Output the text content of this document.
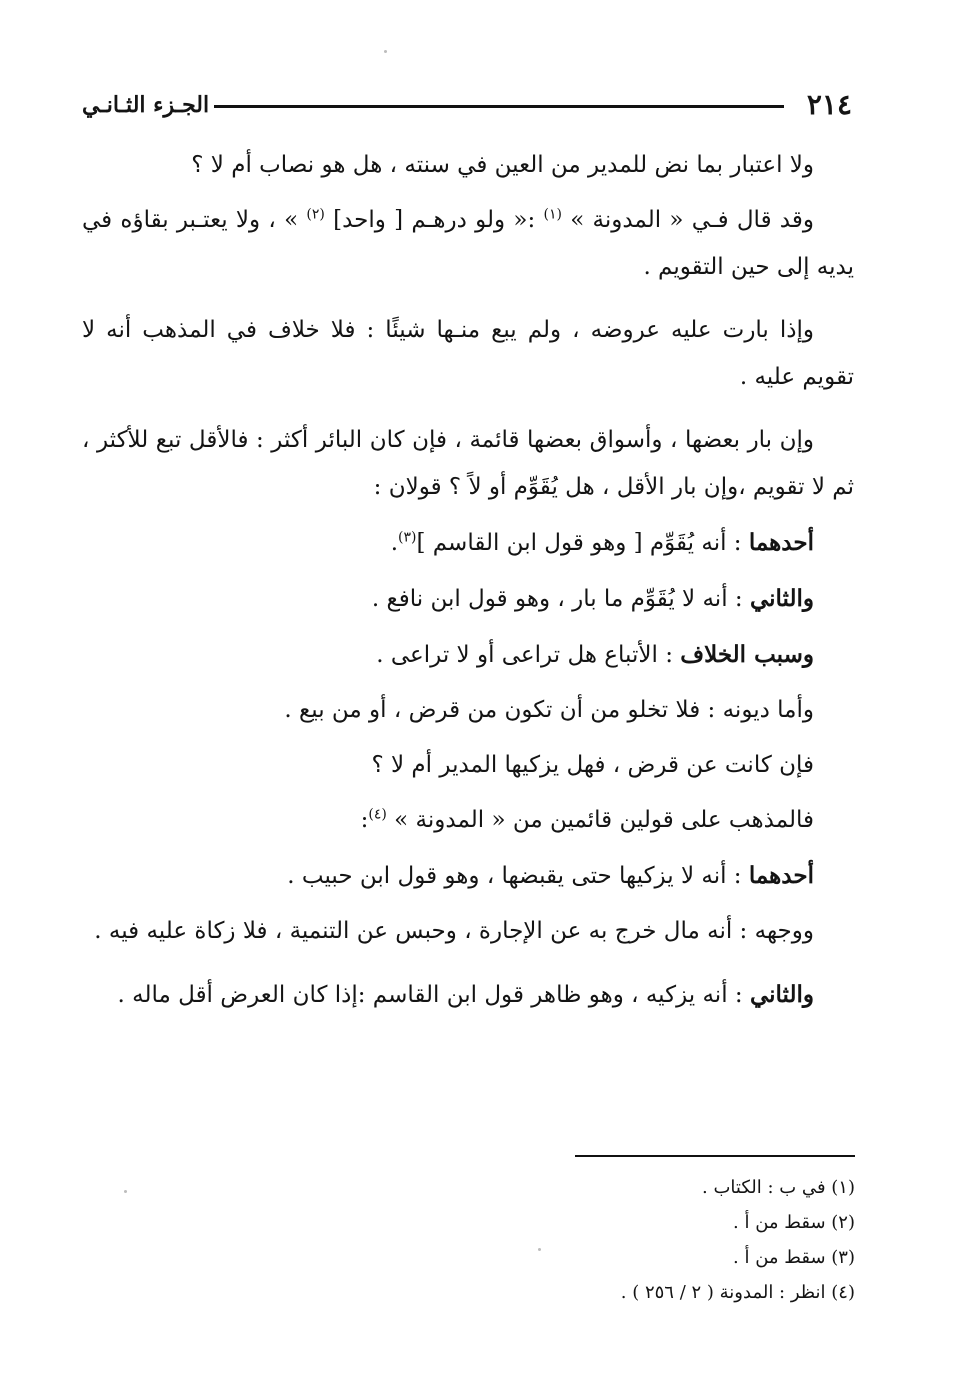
٢١٤
الجـزء الثـانـي

ولا اعتبار بما نض للمدير من العين في سنته ، هل هو نصاب أم لا ؟

وقد قال فـي « المدونة » $^{(١)}$ :« ولو درهـم [ واحد] $^{(٢)}$ » ، ولا يعتـبر بقاؤه في يديه إلى حين التقويم .

وإذا بارت عليه عروضه ، ولم يبع منـها شيئًا : فلا خلاف في المذهب أنه لا تقويم عليه .

وإن بار بعضها ، وأسواق بعضها قائمة ، فإن كان البائر أكثر : فالأقل تبع للأكثر ، ثم لا تقويم ،وإن بار الأقل ، هل يُقَوِّم أو لاً ؟ قولان :

أحدهما : أنه يُقَوِّم [ وهو قول ابن القاسم ]$^{(٣)}$.

والثاني : أنه لا يُقَوِّم ما بار ، وهو قول ابن نافع .

وسبب الخلاف : الأتباع هل تراعى أو لا تراعى .

وأما ديونه : فلا تخلو من أن تكون من قرض ، أو من بيع .

فإن كانت عن قرض ، فهل يزكيها المدير أم لا ؟

فالمذهب على قولين قائمين من « المدونة » $^{(٤)}$:

أحدهما : أنه لا يزكيها حتى يقبضها ، وهو قول ابن حبيب .

ووجهه : أنه مال خرج به عن الإجارة ، وحبس عن التنمية ، فلا زكاة عليه فيه .

والثاني : أنه يزكيه ، وهو ظاهر قول ابن القاسم :إذا كان العرض أقل ماله .

(١) في ب : الكتاب .
(٢) سقط من أ .
(٣) سقط من أ .
(٤) انظر : المدونة ( ٢ / ٢٥٦ ) .
